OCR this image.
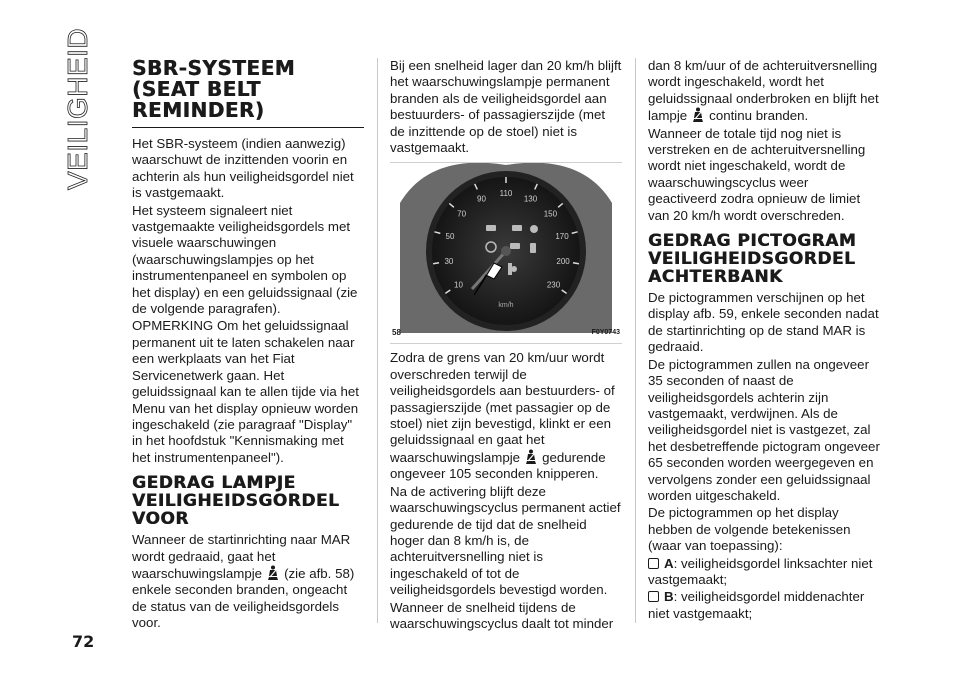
VEILIGHEID
72
SBR-SYSTEEM (SEAT BELT REMINDER)

Het SBR-systeem (indien aanwezig) waarschuwt de inzittenden voorin en achterin als hun veiligheidsgordel niet is vastgemaakt.

Het systeem signaleert niet vastgemaakte veiligheidsgordels met visuele waarschuwingen (waarschuwingslampjes op het instrumentenpaneel en symbolen op het display) en een geluidssignaal (zie de volgende paragrafen).

OPMERKING Om het geluidssignaal permanent uit te laten schakelen naar een werkplaats van het Fiat Servicenetwerk gaan. Het geluidssignaal kan te allen tijde via het Menu van het display opnieuw worden ingeschakeld (zie paragraaf "Display" in het hoofdstuk "Kennismaking met het instrumentenpaneel").

GEDRAG LAMPJE VEILIGHEIDSGORDEL VOOR

Wanneer de startinrichting naar MAR wordt gedraaid, gaat het waarschuwingslampje (zie afb. 58) enkele seconden branden, ongeacht de status van de veiligheidsgordels voor.

Bij een snelheid lager dan 20 km/h blijft het waarschuwingslampje permanent branden als de veiligheidsgordel aan bestuurders- of passagierszijde (met de inzittende op de stoel) niet is vastgemaakt.

10
30
50
70
90
110
130
150
170
200
230
km/h
58	F0Y0743

Zodra de grens van 20 km/uur wordt overschreden terwijl de veiligheidsgordels aan bestuurders- of passagierszijde (met passagier op de stoel) niet zijn bevestigd, klinkt er een geluidssignaal en gaat het waarschuwingslampje gedurende ongeveer 105 seconden knipperen.

Na de activering blijft deze waarschuwingscyclus permanent actief gedurende de tijd dat de snelheid hoger dan 8 km/h is, de achteruitversnelling niet is ingeschakeld of tot de veiligheidsgordels bevestigd worden.

Wanneer de snelheid tijdens de waarschuwingscyclus daalt tot minder

dan 8 km/uur of de achteruitversnelling wordt ingeschakeld, wordt het geluidssignaal onderbroken en blijft het lampje continu branden.

Wanneer de totale tijd nog niet is verstreken en de achteruitversnelling wordt niet ingeschakeld, wordt de waarschuwingscyclus weer geactiveerd zodra opnieuw de limiet van 20 km/h wordt overschreden.

GEDRAG PICTOGRAM VEILIGHEIDSGORDEL ACHTERBANK

De pictogrammen verschijnen op het display afb. 59, enkele seconden nadat de startinrichting op de stand MAR is gedraaid.

De pictogrammen zullen na ongeveer 35 seconden of naast de veiligheidsgordels achterin zijn vastgemaakt, verdwijnen. Als de veiligheidsgordel niet is vastgezet, zal het desbetreffende pictogram ongeveer 65 seconden worden weergegeven en vervolgens zonder een geluidssignaal worden uitgeschakeld.

De pictogrammen op het display hebben de volgende betekenissen (waar van toepassing):

A: veiligheidsgordel linksachter niet vastgemaakt;

B: veiligheidsgordel middenachter niet vastgemaakt;
